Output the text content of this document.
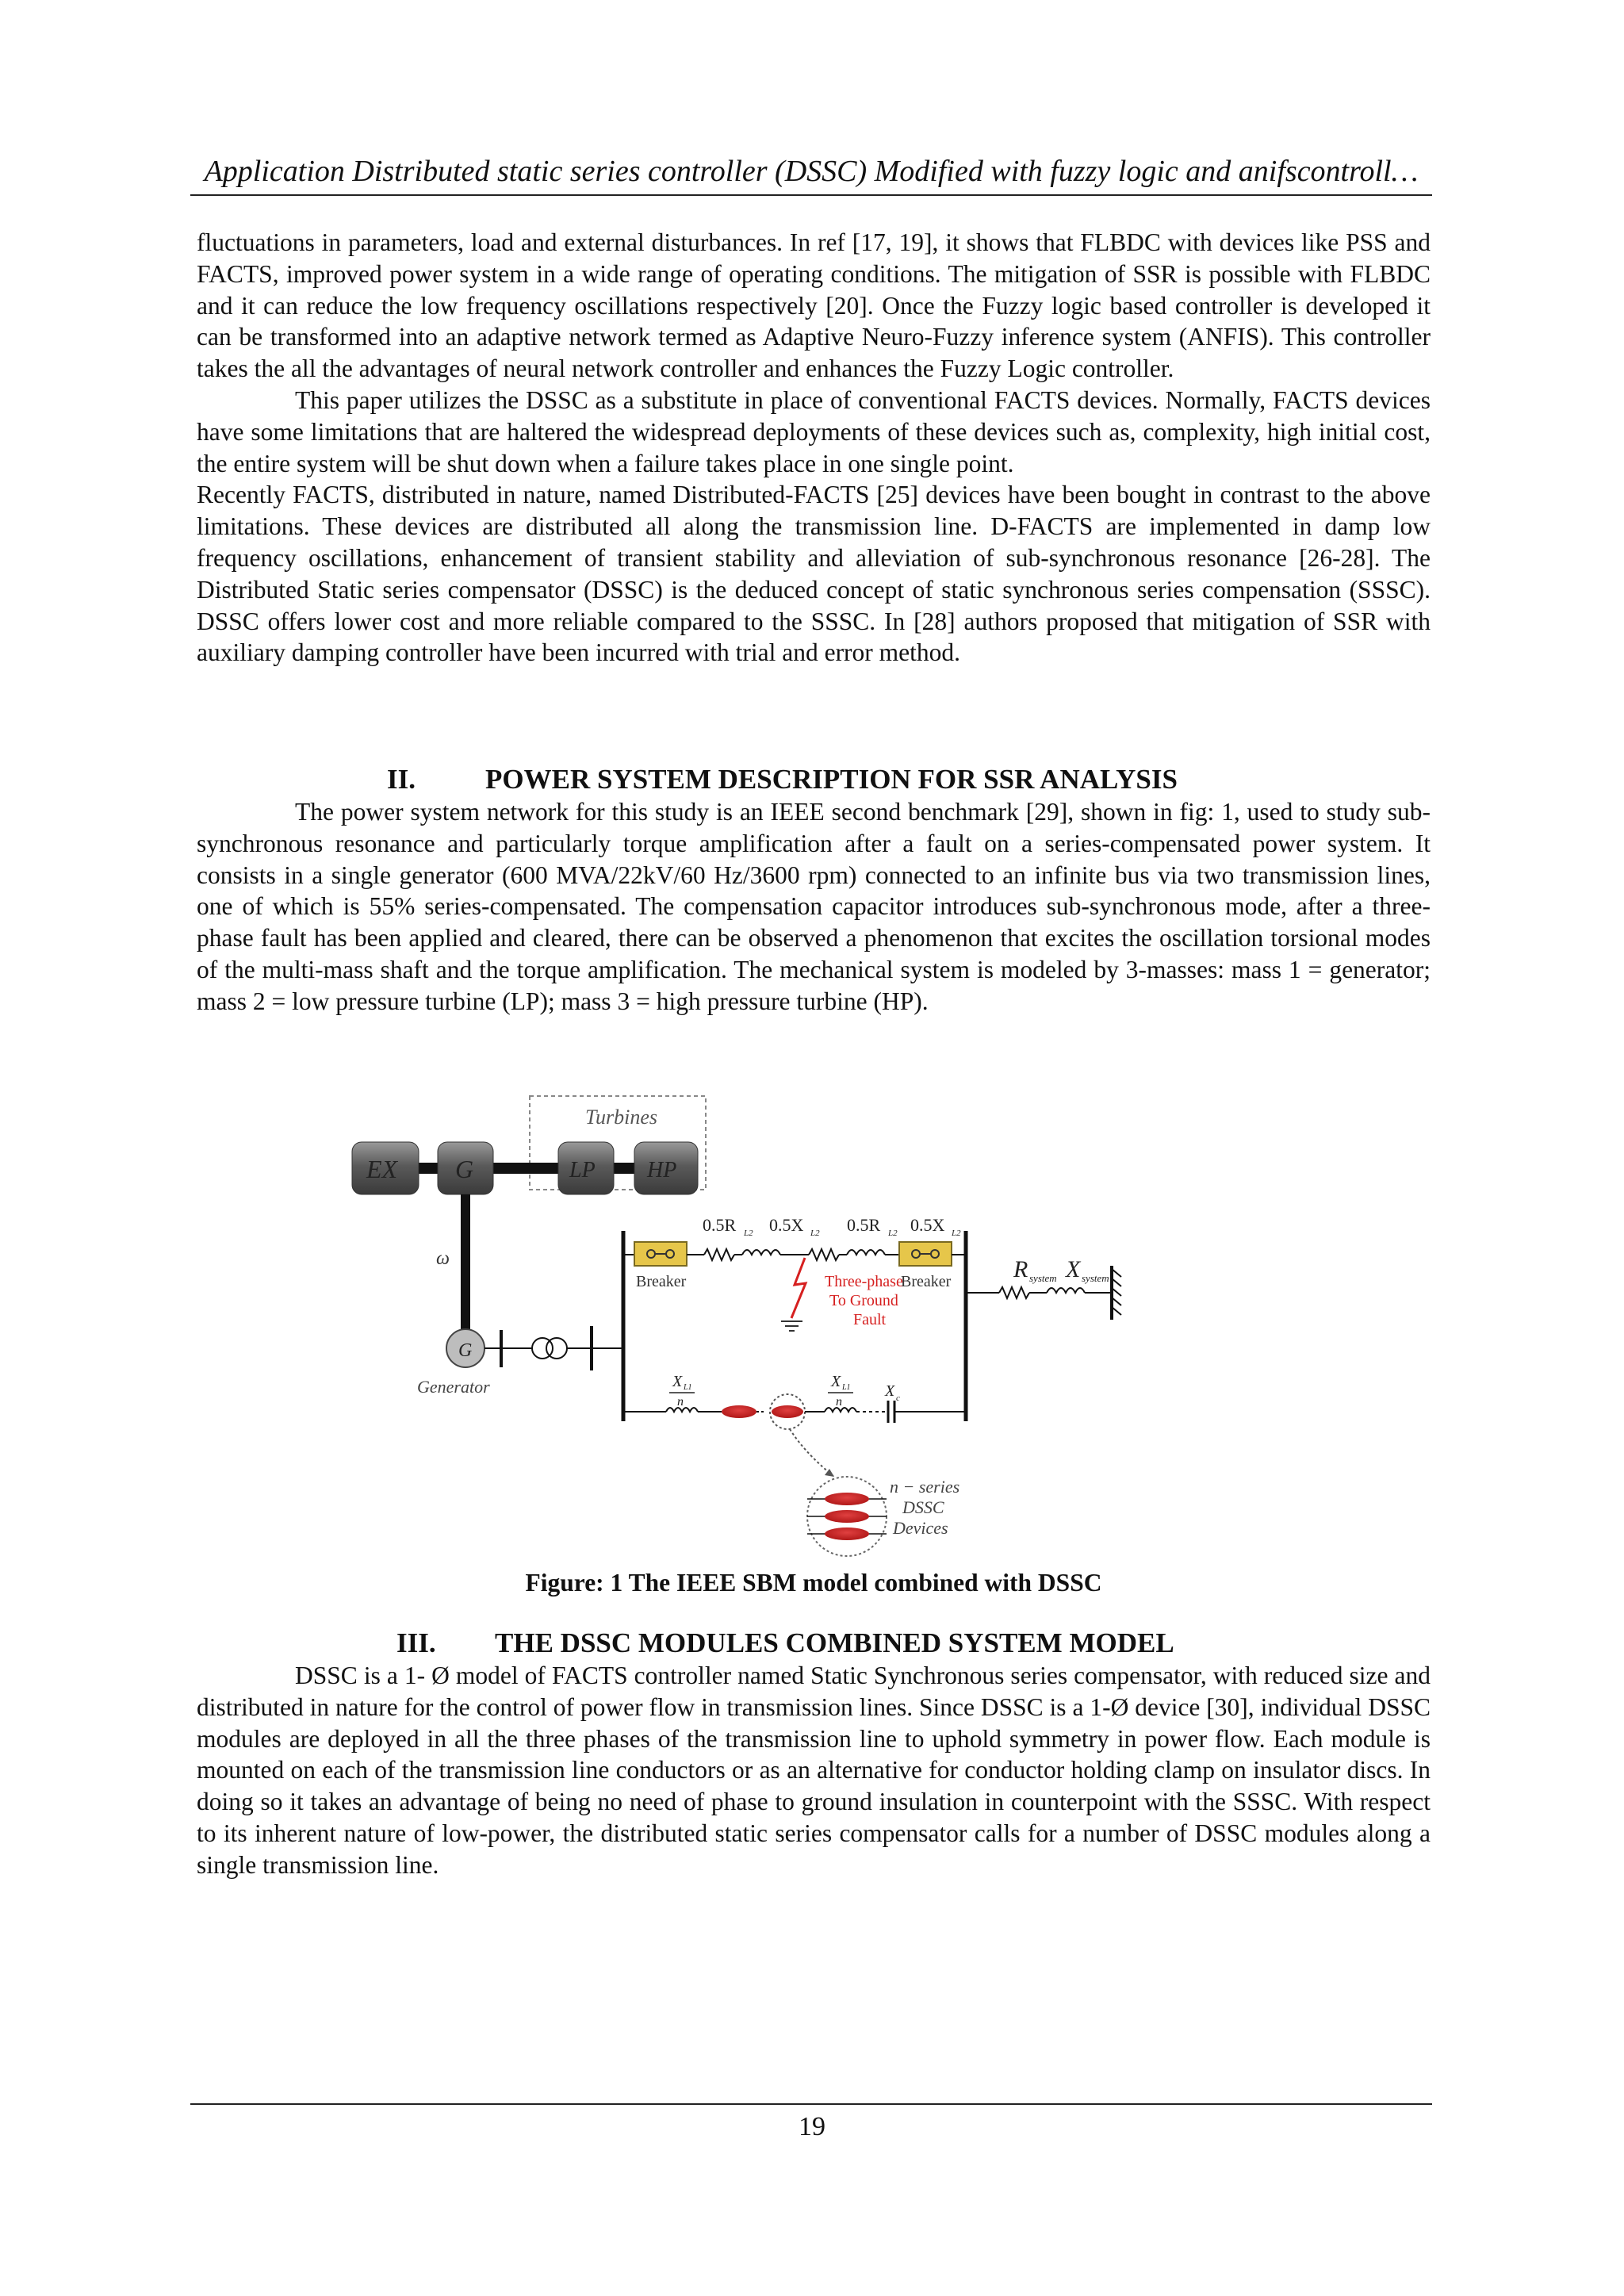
Application Distributed static series controller (DSSC) Modified with fuzzy logic and anifscontroll…

fluctuations in parameters, load and external disturbances. In ref [17, 19], it shows that FLBDC with devices like PSS and FACTS, improved power system in a wide range of operating conditions. The mitigation of SSR is possible with FLBDC and it can reduce the low frequency oscillations respectively [20]. Once the Fuzzy logic based controller is developed it can be transformed into an adaptive network termed as Adaptive Neuro-Fuzzy inference system (ANFIS). This controller takes the all the advantages of neural network controller and enhances the Fuzzy Logic controller.

This paper utilizes the DSSC as a substitute in place of conventional FACTS devices. Normally, FACTS devices have some limitations that are haltered the widespread deployments of these devices such as, complexity, high initial cost, the entire system will be shut down when a failure takes place in one single point.

Recently FACTS, distributed in nature, named Distributed-FACTS [25] devices have been bought in contrast to the above limitations. These devices are distributed all along the transmission line. D-FACTS are implemented in damp low frequency oscillations, enhancement of transient stability and alleviation of sub-synchronous resonance [26-28]. The Distributed Static series compensator (DSSC) is the deduced concept of static synchronous series compensation (SSSC). DSSC offers lower cost and more reliable compared to the SSSC. In [28] authors proposed that mitigation of SSR with auxiliary damping controller have been incurred with trial and error method.

II.	POWER SYSTEM DESCRIPTION FOR SSR ANALYSIS

The power system network for this study is an IEEE second benchmark [29], shown in fig: 1, used to study sub-synchronous resonance and particularly torque amplification after a fault on a series-compensated power system. It consists in a single generator (600 MVA/22kV/60 Hz/3600 rpm) connected to an infinite bus via two transmission lines, one of which is 55% series-compensated. The compensation capacitor introduces sub-synchronous mode, after a three-phase fault has been applied and cleared, there can be observed a phenomenon that excites the oscillation torsional modes of the multi-mass shaft and the torque amplification. The mechanical system is modeled by 3-masses: mass 1 = generator; mass 2 = low pressure turbine (LP); mass 3 = high pressure turbine (HP).

Turbines
EX G	LP HP
ω
G
Generator
Breaker	Breaker
0.5R L2 0.5X L2 0.5R L2 0.5X L2
Three-phase
To Ground
Fault
R system X system
X L1
n
X L1
n
X c
n − series
DSSC
Devices
Figure: 1 The IEEE SBM model combined with DSSC
III. THE DSSC MODULES COMBINED SYSTEM MODEL

DSSC is a 1- Ø model of FACTS controller named Static Synchronous series compensator, with reduced size and distributed in nature for the control of power flow in transmission lines. Since DSSC is a 1-Ø device [30], individual DSSC modules are deployed in all the three phases of the transmission line to uphold symmetry in power flow. Each module is mounted on each of the transmission line conductors or as an alternative for conductor holding clamp on insulator discs. In doing so it takes an advantage of being no need of phase to ground insulation in counterpoint with the SSSC. With respect to its inherent nature of low-power, the distributed static series compensator calls for a number of DSSC modules along a single transmission line.

19
